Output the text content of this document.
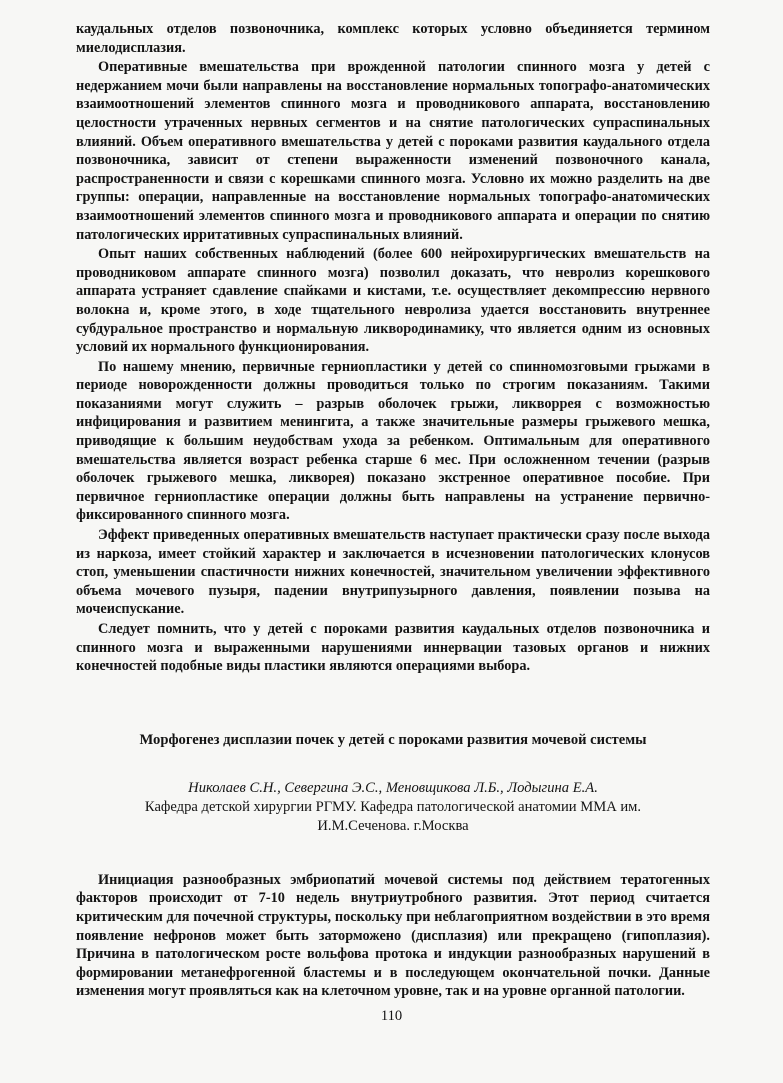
каудальных отделов позвоночника, комплекс которых условно объединяется термином миелодисплазия.

Оперативные вмешательства при врожденной патологии спинного мозга у детей с недержанием мочи были направлены на восстановление нормальных топографо-анатомических взаимоотношений элементов спинного мозга и проводникового аппарата, восстановлению целостности утраченных нервных сегментов и на снятие патологических супраспинальных влияний. Объем оперативного вмешательства у детей с пороками развития каудального отдела позвоночника, зависит от степени выраженности изменений позвоночного канала, распространенности и связи с корешками спинного мозга. Условно их можно разделить на две группы: операции, направленные на восстановление нормальных топографо-анатомических взаимоотношений элементов спинного мозга и проводникового аппарата и операции по снятию патологических ирритативных супраспинальных влияний.

Опыт наших собственных наблюдений (более 600 нейрохирургических вмешательств на проводниковом аппарате спинного мозга) позволил доказать, что невролиз корешкового аппарата устраняет сдавление спайками и кистами, т.е. осуществляет декомпрессию нервного волокна и, кроме этого, в ходе тщательного невролиза удается восстановить внутреннее субдуральное пространство и нормальную ликвородинамику, что является одним из основных условий их нормального функционирования.

По нашему мнению, первичные герниопластики у детей со спинномозговыми грыжами в периоде новорожденности должны проводиться только по строгим показаниям. Такими показаниями могут служить – разрыв оболочек грыжи, ликворрея с возможностью инфицирования и развитием менингита, а также значительные размеры грыжевого мешка, приводящие к большим неудобствам ухода за ребенком. Оптимальным для оперативного вмешательства является возраст ребенка старше 6 мес. При осложненном течении (разрыв оболочек грыжевого мешка, ликворея) показано экстренное оперативное пособие. При первичное герниопластике операции должны быть направлены на устранение первично-фиксированного спинного мозга.

Эффект приведенных оперативных вмешательств наступает практически сразу после выхода из наркоза, имеет стойкий характер и заключается в исчезновении патологических клонусов стоп, уменьшении спастичности нижних конечностей, значительном увеличении эффективного объема мочевого пузыря, падении внутрипузырного давления, появлении позыва на мочеиспускание.

Следует помнить, что у детей с пороками развития каудальных отделов позвоночника и спинного мозга и выраженными нарушениями иннервации тазовых органов и нижних конечностей подобные виды пластики являются операциями выбора.

Морфогенез дисплазии почек у детей с пороками развития мочевой системы
Николаев С.Н., Севергина Э.С., Меновщикова Л.Б., Лодыгина Е.А.
Кафедра детской хирургии РГМУ. Кафедра патологической анатомии ММА им.
И.М.Сеченова. г.Москва

Инициация разнообразных эмбриопатий мочевой системы под действием тератогенных факторов происходит от 7-10 недель внутриутробного развития. Этот период считается критическим для почечной структуры, поскольку при неблагоприятном воздействии в это время появление нефронов может быть заторможено (дисплазия) или прекращено (гипоплазия). Причина в патологическом росте вольфова протока и индукции разнообразных нарушений в формировании метанефрогенной бластемы и в последующем окончательной почки. Данные изменения могут проявляться как на клеточном уровне, так и на уровне органной патологии.

110
